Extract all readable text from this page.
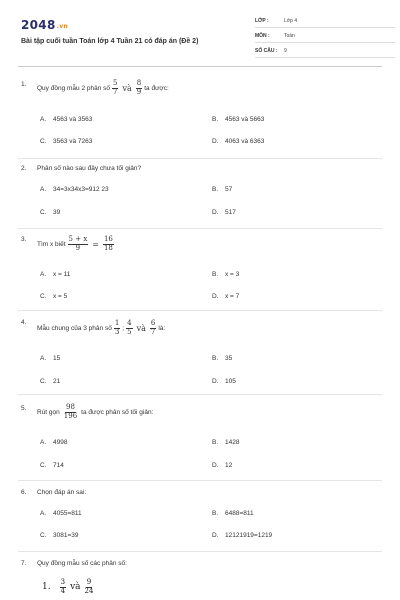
2048.vn
Bài tập cuối tuần Toán lớp 4 Tuần 21 có đáp án (Đề 2)
LỚP :	Lớp 4
MÔN :	Toán
SỐ CÂU : 9
1. Quy đồng mẫu 2 phân số $\frac{5}{7}$ và $\frac{8}{9}$ ta được:
A. 4563 và 3563	B. 4563 và 5663
C. 3563 và 7263	D. 4063 và 6363
2. Phân số nào sau đây chưa tối giản?
A. 34=3x34x3=912 23	B. 57
C. 39	D. 517
3.
Tìm x biết $\frac{5 + x}{9} = \frac{16}{18}$
A. x = 11	B. x = 3
C. x = 5	D. x = 7
4.
Mẫu chung của 3 phân số $\frac{1}{3}$ ; $\frac{4}{5}$ và $\frac{6}{7}$ là:
A. 15	B. 35
C. 21	D. 105
5. Rút gọn $\frac{98}{196}$ ta được phân số tối giản:
A. 4998	B. 1428
C. 714	D. 12
6. Chọn đáp án sai:
A. 4055=811	B. 6488=811
C. 3081=39	D. 12121919=1219
7. Quy đồng mẫu số các phân số:
1. $\frac{3}{4}$ và $\frac{9}{24}$
